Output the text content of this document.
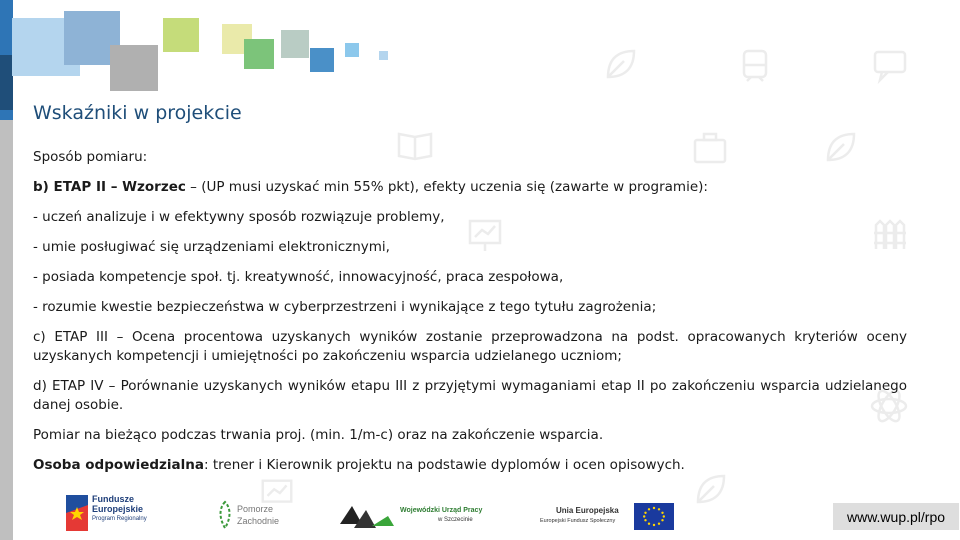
Wskaźniki w projekcie

Sposób pomiaru:

b) ETAP II – Wzorzec – (UP musi uzyskać min 55% pkt), efekty uczenia się (zawarte w programie):

- uczeń analizuje i w efektywny sposób rozwiązuje problemy,

- umie posługiwać się urządzeniami elektronicznymi,

- posiada kompetencje społ. tj. kreatywność, innowacyjność, praca zespołowa,

- rozumie kwestie bezpieczeństwa w cyberprzestrzeni i wynikające z tego tytułu zagrożenia;

c) ETAP III – Ocena procentowa uzyskanych wyników zostanie przeprowadzona na podst. opracowanych kryteriów oceny uzyskanych kompetencji i umiejętności po zakończeniu wsparcia udzielanego uczniom;

d) ETAP IV – Porównanie uzyskanych wyników etapu III z przyjętymi wymaganiami etap II po zakończeniu wsparcia udzielanego danej osobie.

Pomiar na bieżąco podczas trwania proj. (min. 1/m-c) oraz na zakończenie wsparcia.

Osoba odpowiedzialna: trener i Kierownik projektu na podstawie dyplomów i ocen opisowych.

Fundusze
Europejskie
Program Regionalny
Pomorze
Zachodnie
Wojewódzki Urząd Pracy
w Szczecinie
Unia Europejska
Europejski Fundusz Społeczny	www.wup.pl/rpo
